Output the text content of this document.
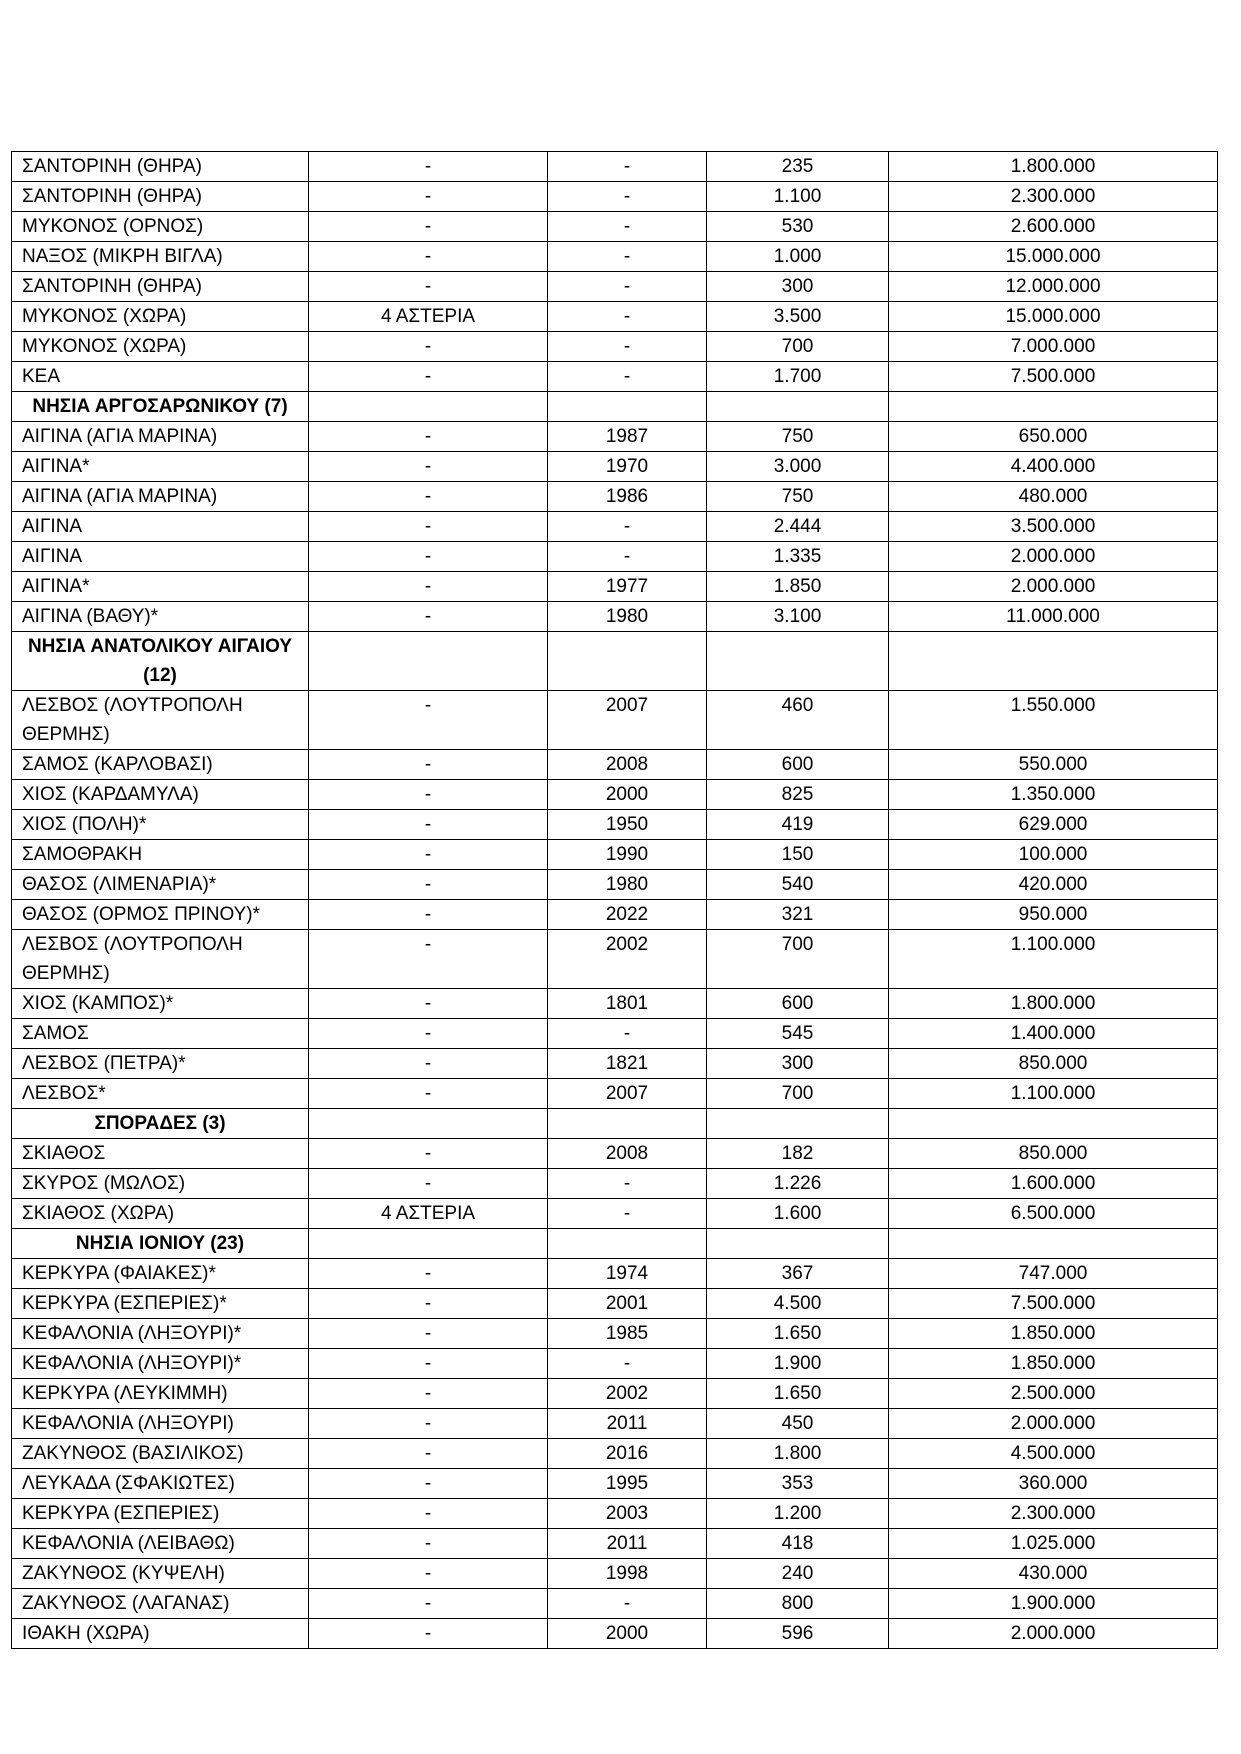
ΣΑΝΤΟΡΙΝΗ (ΘΗΡΑ)	-	-	235	1.800.000
ΣΑΝΤΟΡΙΝΗ (ΘΗΡΑ)	-	-	1.100	2.300.000
ΜΥΚΟΝΟΣ (ΟΡΝΟΣ)	-	-	530	2.600.000
ΝΑΞΟΣ (ΜΙΚΡΗ ΒΙΓΛΑ)	-	-	1.000	15.000.000
ΣΑΝΤΟΡΙΝΗ (ΘΗΡΑ)	-	-	300	12.000.000
ΜΥΚΟΝΟΣ (ΧΩΡΑ)	4 ΑΣΤΕΡΙΑ	-	3.500	15.000.000
ΜΥΚΟΝΟΣ (ΧΩΡΑ)	-	-	700	7.000.000
ΚΕΑ	-	-	1.700	7.500.000
ΝΗΣΙΑ ΑΡΓΟΣΑΡΩΝΙΚΟΥ (7)				
ΑΙΓΙΝΑ (ΑΓΙΑ ΜΑΡΙΝΑ)	-	1987	750	650.000
ΑΙΓΙΝΑ*	-	1970	3.000	4.400.000
ΑΙΓΙΝΑ (ΑΓΙΑ ΜΑΡΙΝΑ)	-	1986	750	480.000
ΑΙΓΙΝΑ	-	-	2.444	3.500.000
ΑΙΓΙΝΑ	-	-	1.335	2.000.000
ΑΙΓΙΝΑ*	-	1977	1.850	2.000.000
ΑΙΓΙΝΑ (ΒΑΘΥ)*	-	1980	3.100	11.000.000
ΝΗΣΙΑ ΑΝΑΤΟΛΙΚΟΥ ΑΙΓΑΙΟΥ (12)				
ΛΕΣΒΟΣ (ΛΟΥΤΡΟΠΟΛΗ ΘΕΡΜΗΣ)	-	2007	460	1.550.000
ΣΑΜΟΣ (ΚΑΡΛΟΒΑΣΙ)	-	2008	600	550.000
ΧΙΟΣ (ΚΑΡΔΑΜΥΛΑ)	-	2000	825	1.350.000
ΧΙΟΣ (ΠΟΛΗ)*	-	1950	419	629.000
ΣΑΜΟΘΡΑΚΗ	-	1990	150	100.000
ΘΑΣΟΣ (ΛΙΜΕΝΑΡΙΑ)*	-	1980	540	420.000
ΘΑΣΟΣ (ΟΡΜΟΣ ΠΡΙΝΟΥ)*	-	2022	321	950.000
ΛΕΣΒΟΣ (ΛΟΥΤΡΟΠΟΛΗ ΘΕΡΜΗΣ)	-	2002	700	1.100.000
ΧΙΟΣ (ΚΑΜΠΟΣ)*	-	1801	600	1.800.000
ΣΑΜΟΣ	-	-	545	1.400.000
ΛΕΣΒΟΣ (ΠΕΤΡΑ)*	-	1821	300	850.000
ΛΕΣΒΟΣ*	-	2007	700	1.100.000
ΣΠΟΡΑΔΕΣ (3)				
ΣΚΙΑΘΟΣ	-	2008	182	850.000
ΣΚΥΡΟΣ (ΜΩΛΟΣ)	-	-	1.226	1.600.000
ΣΚΙΑΘΟΣ (ΧΩΡΑ)	4 ΑΣΤΕΡΙΑ	-	1.600	6.500.000
ΝΗΣΙΑ ΙΟΝΙΟΥ (23)				
ΚΕΡΚΥΡΑ (ΦΑΙΑΚΕΣ)*	-	1974	367	747.000
ΚΕΡΚΥΡΑ (ΕΣΠΕΡΙΕΣ)*	-	2001	4.500	7.500.000
ΚΕΦΑΛΟΝΙΑ (ΛΗΞΟΥΡΙ)*	-	1985	1.650	1.850.000
ΚΕΦΑΛΟΝΙΑ (ΛΗΞΟΥΡΙ)*	-	-	1.900	1.850.000
ΚΕΡΚΥΡΑ (ΛΕΥΚΙΜΜΗ)	-	2002	1.650	2.500.000
ΚΕΦΑΛΟΝΙΑ (ΛΗΞΟΥΡΙ)	-	2011	450	2.000.000
ΖΑΚΥΝΘΟΣ (ΒΑΣΙΛΙΚΟΣ)	-	2016	1.800	4.500.000
ΛΕΥΚΑΔΑ (ΣΦΑΚΙΩΤΕΣ)	-	1995	353	360.000
ΚΕΡΚΥΡΑ (ΕΣΠΕΡΙΕΣ)	-	2003	1.200	2.300.000
ΚΕΦΑΛΟΝΙΑ (ΛΕΙΒΑΘΩ)	-	2011	418	1.025.000
ΖΑΚΥΝΘΟΣ (ΚΥΨΕΛΗ)	-	1998	240	430.000
ΖΑΚΥΝΘΟΣ (ΛΑΓΑΝΑΣ)	-	-	800	1.900.000
ΙΘΑΚΗ (ΧΩΡΑ)	-	2000	596	2.000.000
